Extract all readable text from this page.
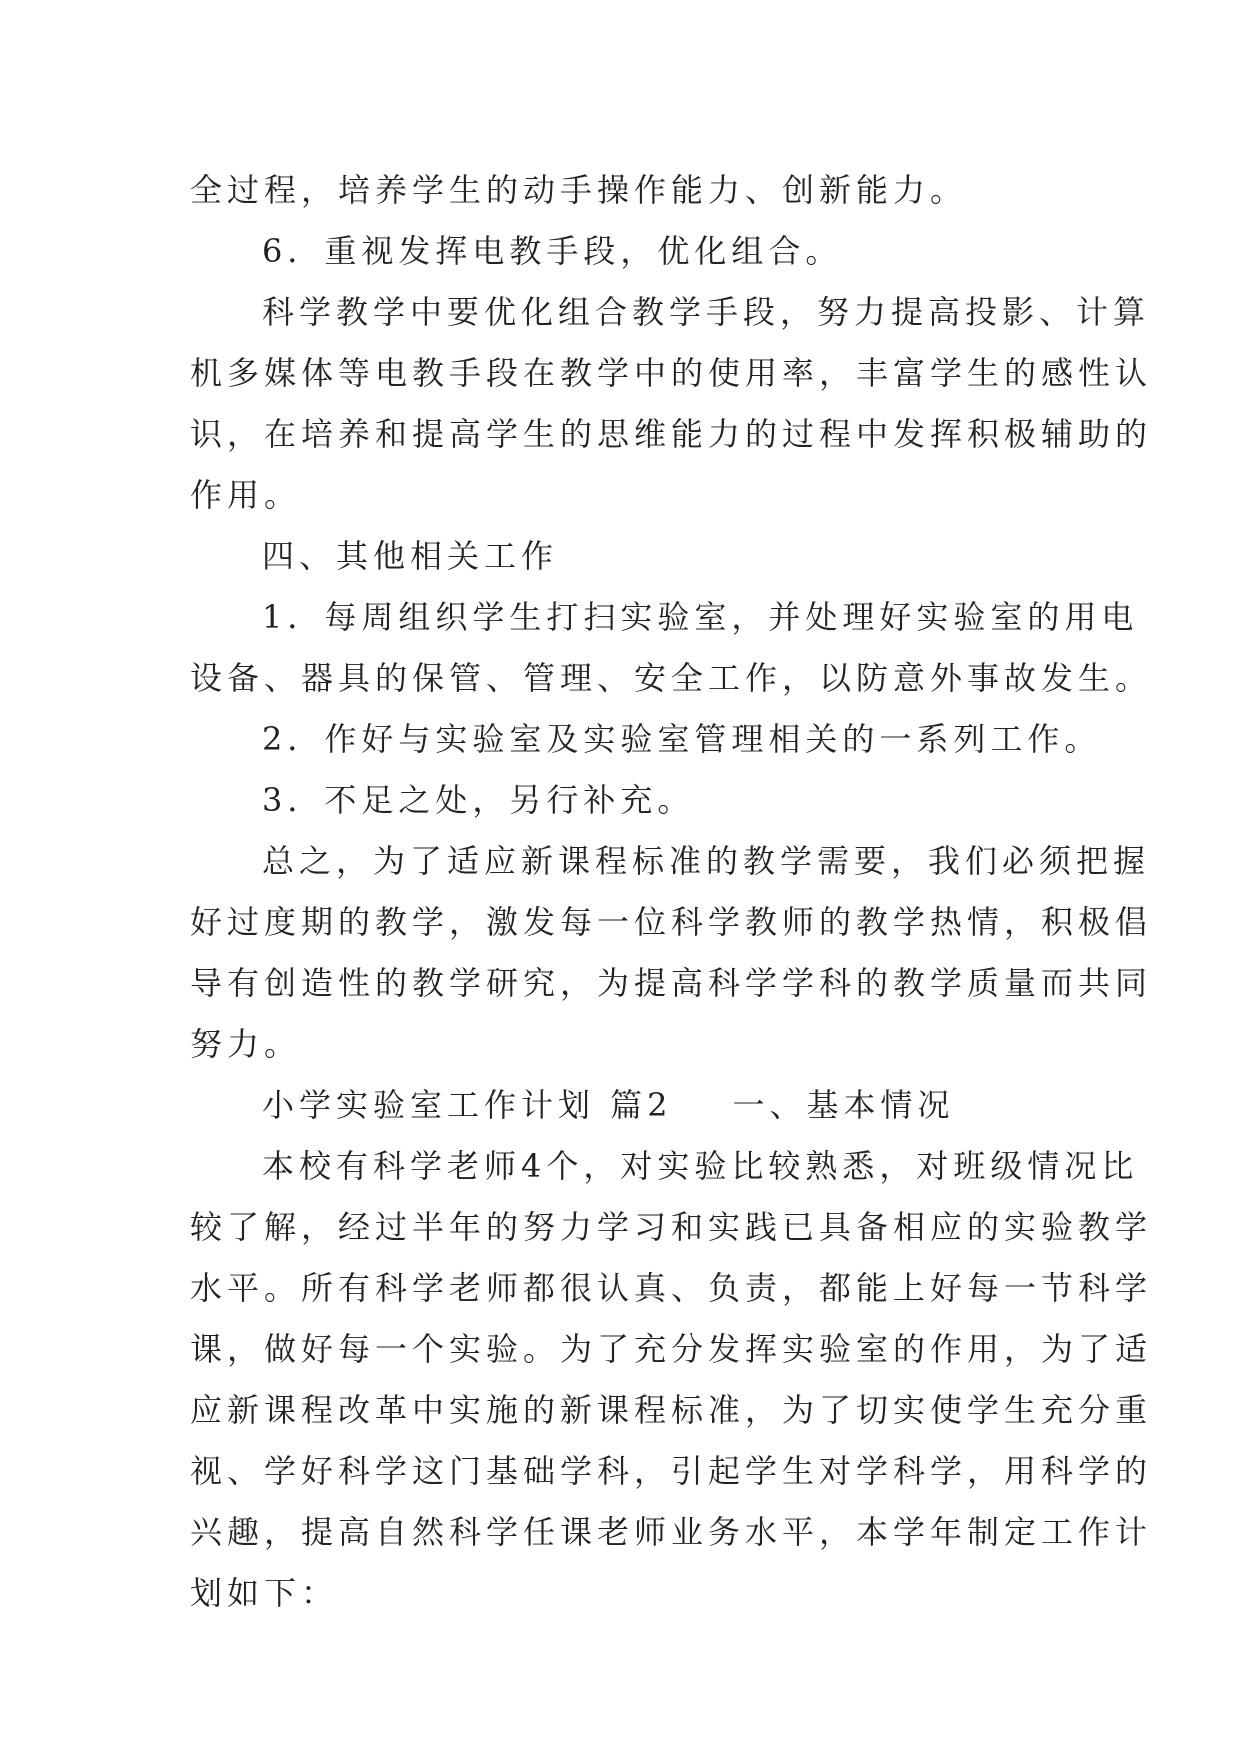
全过程，培养学生的动手操作能力、创新能力。
6．重视发挥电教手段，优化组合。
科学教学中要优化组合教学手段，努力提高投影、计算
机多媒体等电教手段在教学中的使用率，丰富学生的感性认
识，在培养和提高学生的思维能力的过程中发挥积极辅助的
作用。
四、其他相关工作
1．每周组织学生打扫实验室，并处理好实验室的用电
设备、器具的保管、管理、安全工作，以防意外事故发生。
2．作好与实验室及实验室管理相关的一系列工作。
3．不足之处，另行补充。
总之，为了适应新课程标准的教学需要，我们必须把握
好过度期的教学，激发每一位科学教师的教学热情，积极倡
导有创造性的教学研究，为提高科学学科的教学质量而共同
努力。
小学实验室工作计划 篇2 一、基本情况
本校有科学老师4个，对实验比较熟悉，对班级情况比
较了解，经过半年的努力学习和实践已具备相应的实验教学
水平。所有科学老师都很认真、负责，都能上好每一节科学
课，做好每一个实验。为了充分发挥实验室的作用，为了适
应新课程改革中实施的新课程标准，为了切实使学生充分重
视、学好科学这门基础学科，引起学生对学科学，用科学的
兴趣，提高自然科学任课老师业务水平，本学年制定工作计
划如下：
